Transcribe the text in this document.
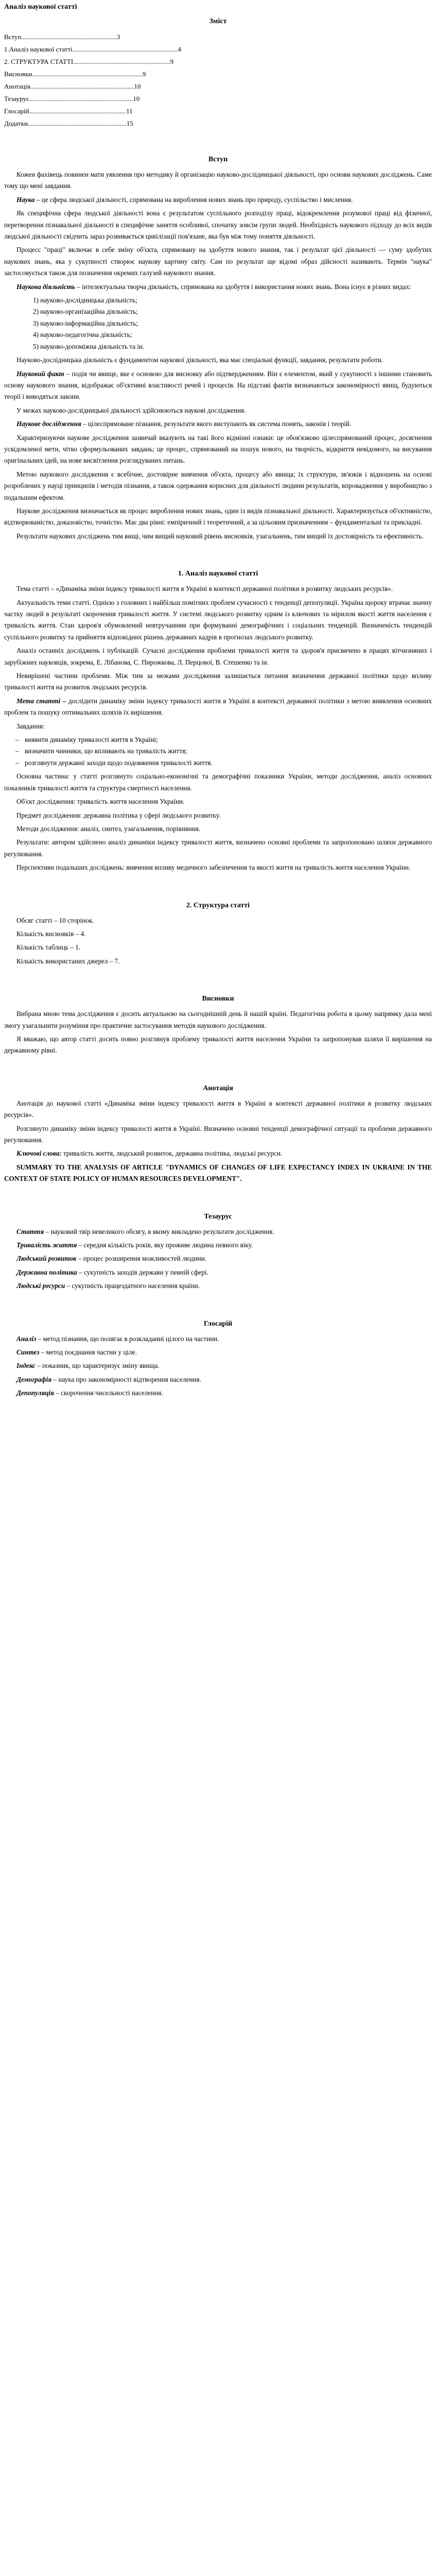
Аналіз наукової статті
Зміст
Вступ ......................................................... 3
1.Аналіз наукової статті ............................................................... 4
2. СТРУКТУРА СТАТТІ .......................................................... 9
Висновки .................................................................. 9
Анотація .............................................................. 10
Тезаурус .............................................................. 10
Глосарій .......................................................... 11
Додатки ........................................................... 15
Вступ

Кожен фахівець повинен мати уявлення про методику й організацію науково-дослідницької діяльності, про основи наукових досліджень. Саме тому що мені завдання.

Наука – це сфера людської діяльності, спрямована на вироблення нових знань про природу, суспільство і мислення.

Як специфічна сфера людської діяльності вона є результатом суспільного розподілу праці, відокремлення розумової праці від фізичної, перетворення пізнавальної діяльності в специфічне заняття особливої, спочатку зовсім групи людей. Необхідність наукового підходу до всіх видів людської діяльності свідчить зараз розвивається цивілізації пов'язане, яка був між тому поняття діяльності.

Процесс "праці" включає в себе зміну об'єкта, спрямовану на здобуття нового знання, так і результат цієї діяльності — суму здобутих наукових знань, яка у сукупності створює наукову картину світу. Сам по результат ще відомі образ дійсності називають. Термін "наука" застосовується також для позначення окремих галузей наукового знання.

Наукова діяльність – інтелектуальна творча діяльність, спрямована на здобуття і використання нових знань. Вона існує в різних видах:

1) науково-дослідницька діяльність;
2) науково-організаційна діяльність;
3) науково-інформаційна діяльність;
4) науково-педагогічна діяльність;
5) науково-допоміжна діяльність та ін.

Науково-дослідницька діяльність є фундаментом наукової діяльності, яка має спеціальні функції, завдання, результати роботи.

Науковий факт – подія чи явище, яке є основою для висновку або підтвердженням. Він є елементом, який у сукупності з іншими становить основу наукового знання, відображає об'єктивні властивості речей і процесів. На підставі фактів визначаються закономірності явищ, будуються теорії і виводяться закони.

У межах науково-дослідницької діяльності здійснюються наукові дослідження.

Наукове дослідження – цілеспрямоване пізнання, результати якого виступають як система понять, законів і теорій.

Характеризуючи наукове дослідження зазвичай вказують на такі його відмінні ознаки: це обов'язково цілеспрямований процес, досягнення усвідомленої мети, чітко сформульованих завдань; це процес, спрямований на пошук нового, на творчість, відкриття невідомого, на висування оригінальних ідей, на нове висвітлення розглядуваних питань.

Метою наукового дослідження є всебічне, достовірне вивчення об'єкта, процесу або явища; їх структури, зв'язків і відношень на основі розроблених у науці принципів і методів пізнання, а також одержання корисних для діяльності людини результатів, впровадження у виробництво з подальшим ефектом.

Наукове дослідження визначається як процес вироблення нових знань, один із видів пізнавальної діяльності. Характеризується об'єктивністю, відтворюваністю, доказовістю, точністю. Має два рівні: емпіричний і теоретичний, а за цільовим призначенням – фундаментальні та прикладні.

Результати наукових досліджень тим вищі, чим вищий науковий рівень висновків, узагальнень, тим вищий їх достовірність та ефективність.

1. Аналіз наукової статті

Тема статті – «Динаміка зміни індексу тривалості життя в Україні в контексті державної політики в розвитку людських ресурсів».

Актуальність теми статті. Однією з головних і найбільш помітних проблем сучасності є тенденції депопуляції. Україна щороку втрачає значну частку людей в результаті скорочення тривалості життя. У системі людського розвитку одним із ключових та мірилом якості життя населення є тривалість життя. Стан здоров'я обумовлений невтручанням при формуванні демографічних і соціальних тенденцій. Визначеність тенденцій суспільного розвитку та прийняття відповідних рішень державних кадрів в прогнозах людського розвитку.

Аналіз останніх досліджень і публікацій. Сучасні дослідження проблеми тривалості життя та здоров'я присвячено в працях вітчизняних і зарубіжних науковців, зокрема, Е. Лібанова, С. Пирожкова, Л. Перцової, В. Стешенко та ін.

Невирішені частини проблеми. Між тим за межами дослідження залишається питання визначення державної політики щодо впливу тривалості життя на розвиток людських ресурсів.

Мета статті – дослідити динаміку зміни індексу тривалості життя в Україні в контексті державної політики з метою виявлення основних проблем та пошуку оптимальних шляхів їх вирішення.

Завдання:

– виявити динаміку тривалості життя в Україні;
– визначити чинники, що впливають на тривалість життя;
– розглянути державні заходи щодо подовження тривалості життя.

Основна частина: у статті розглянуто соціально-економічні та демографічні показники України, методи дослідження, аналіз основних показників тривалості життя та структура смертності населення.

Об'єкт дослідження: тривалість життя населення України.

Предмет дослідження: державна політика у сфері людського розвитку.

Методи дослідження: аналіз, синтез, узагальнення, порівняння.

Результати: автором здійснено аналіз динаміки індексу тривалості життя, визначено основні проблеми та запропоновано шляхи державного регулювання.

Перспективи подальших досліджень: вивчення впливу медичного забезпечення та якості життя на тривалість життя населення України.

2. Структура статті

Обсяг статті – 10 сторінок.

Кількість висновків – 4.

Кількість таблиць – 1.

Кількість використаних джерел – 7.

Висновки

Вибрана мною тема дослідження є досить актуальною на сьогоднішній день й нашій країні. Педагогічна робота в цьому напрямку дала мені змогу узагальнити розуміння про практичне застосування методів наукового дослідження.

Я вважаю, що автор статті досить повно розглянув проблему тривалості життя населення України та запропонував шляхи її вирішення на державному рівні.

Анотація

Анотація до наукової статті «Динаміка зміни індексу тривалості життя в Україні в контексті державної політики в розвитку людських ресурсів».

Розглянуто динаміку зміни індексу тривалості життя в Україні. Визначено основні тенденції демографічної ситуації та проблеми державного регулювання.

Ключові слова: тривалість життя, людський розвиток, державна політика, людські ресурси.

SUMMARY TO THE ANALYSIS OF ARTICLE "DYNAMICS OF CHANGES OF LIFE EXPECTANCY INDEX IN UKRAINE IN THE CONTEXT OF STATE POLICY OF HUMAN RESOURCES DEVELOPMENT".

Тезаурус

Стаття – науковий твір невеликого обсягу, в якому викладено результати дослідження.

Тривалість життя – середня кількість років, яку проживе людина певного віку.

Людський розвиток – процес розширення можливостей людини.

Державна політика – сукупність заходів держави у певній сфері.

Людські ресурси – сукупність працездатного населення країни.

Глосарій

Аналіз – метод пізнання, що полягає в розкладанні цілого на частини.

Синтез – метод поєднання частин у ціле.

Індекс – показник, що характеризує зміну явища.

Демографія – наука про закономірності відтворення населення.

Депопуляція – скорочення чисельності населення.
